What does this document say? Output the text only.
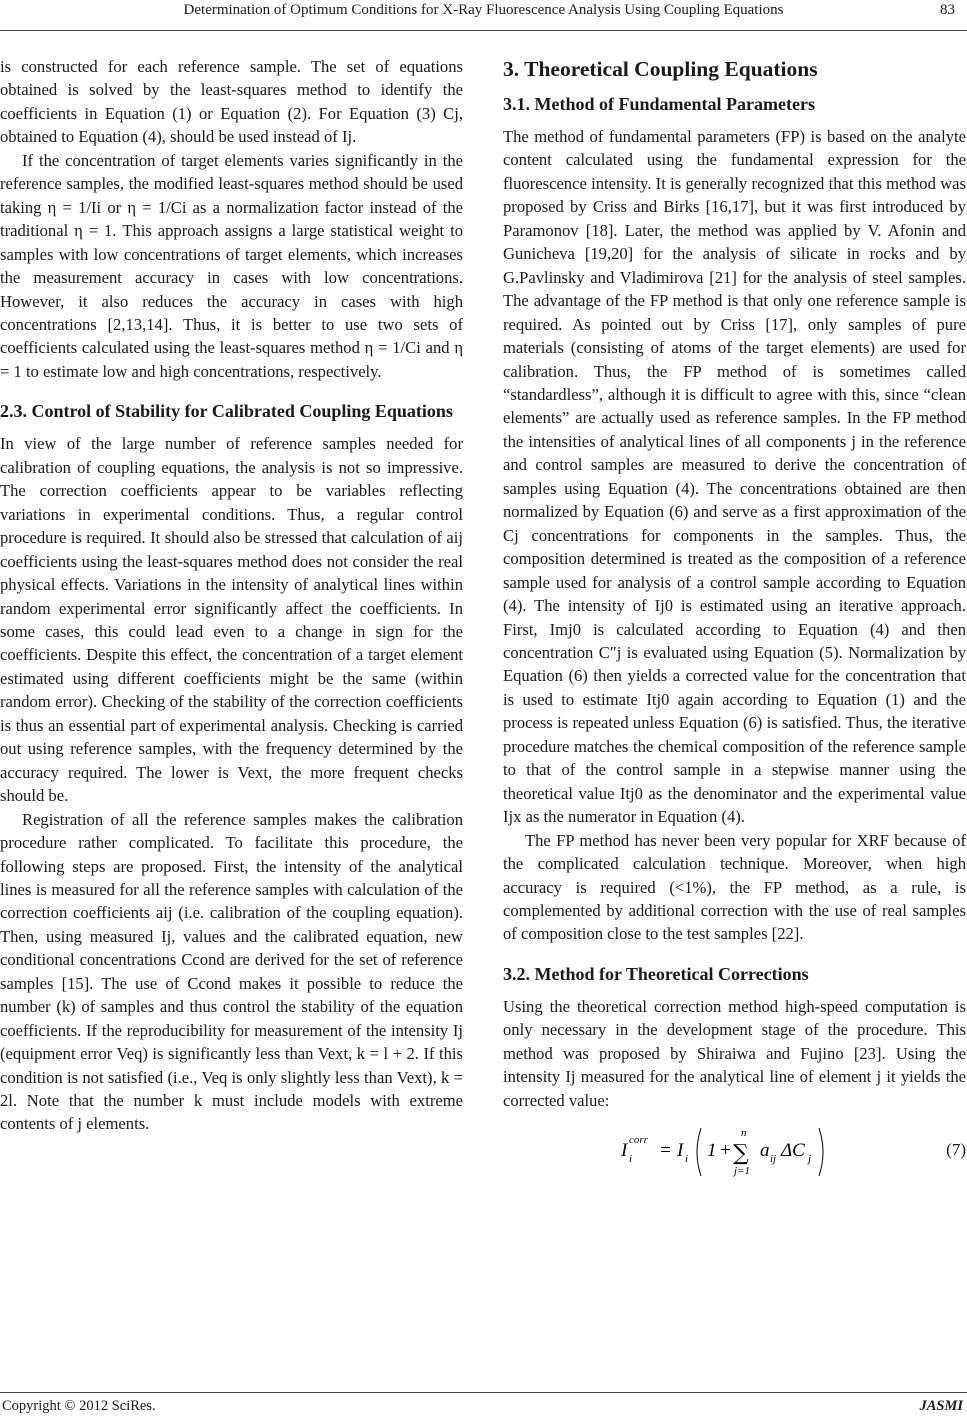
Determination of Optimum Conditions for X-Ray Fluorescence Analysis Using Coupling Equations	83

is constructed for each reference sample. The set of equations obtained is solved by the least-squares method to identify the coefficients in Equation (1) or Equation (2). For Equation (3) Cj, obtained to Equation (4), should be used instead of Ij.

If the concentration of target elements varies significantly in the reference samples, the modified least-squares method should be used taking η = 1/Ii or η = 1/Ci as a normalization factor instead of the traditional η = 1. This approach assigns a large statistical weight to samples with low concentrations of target elements, which increases the measurement accuracy in cases with low concentrations. However, it also reduces the accuracy in cases with high concentrations [2,13,14]. Thus, it is better to use two sets of coefficients calculated using the least-squares method η = 1/Ci and η = 1 to estimate low and high concentrations, respectively.

2.3. Control of Stability for Calibrated Coupling Equations

In view of the large number of reference samples needed for calibration of coupling equations, the analysis is not so impressive. The correction coefficients appear to be variables reflecting variations in experimental conditions. Thus, a regular control procedure is required. It should also be stressed that calculation of aij coefficients using the least-squares method does not consider the real physical effects. Variations in the intensity of analytical lines within random experimental error significantly affect the coefficients. In some cases, this could lead even to a change in sign for the coefficients. Despite this effect, the concentration of a target element estimated using different coefficients might be the same (within random error). Checking of the stability of the correction coefficients is thus an essential part of experimental analysis. Checking is carried out using reference samples, with the frequency determined by the accuracy required. The lower is Vext, the more frequent checks should be.

Registration of all the reference samples makes the calibration procedure rather complicated. To facilitate this procedure, the following steps are proposed. First, the intensity of the analytical lines is measured for all the reference samples with calculation of the correction coefficients aij (i.e. calibration of the coupling equation). Then, using measured Ij, values and the calibrated equation, new conditional concentrations Ccond are derived for the set of reference samples [15]. The use of Ccond makes it possible to reduce the number (k) of samples and thus control the stability of the equation coefficients. If the reproducibility for measurement of the intensity Ij (equipment error Veq) is significantly less than Vext, k = l + 2. If this condition is not satisfied (i.e., Veq is only slightly less than Vext), k = 2l. Note that the number k must include models with extreme contents of j elements.

3. Theoretical Coupling Equations
3.1. Method of Fundamental Parameters

The method of fundamental parameters (FP) is based on the analyte content calculated using the fundamental expression for the fluorescence intensity. It is generally recognized that this method was proposed by Criss and Birks [16,17], but it was first introduced by Paramonov [18]. Later, the method was applied by V. Afonin and Gunicheva [19,20] for the analysis of silicate in rocks and by G.Pavlinsky and Vladimirova [21] for the analysis of steel samples. The advantage of the FP method is that only one reference sample is required. As pointed out by Criss [17], only samples of pure materials (consisting of atoms of the target elements) are used for calibration. Thus, the FP method of is sometimes called “standardless”, although it is difficult to agree with this, since “clean elements” are actually used as reference samples. In the FP method the intensities of analytical lines of all components j in the reference and control samples are measured to derive the concentration of samples using Equation (4). The concentrations obtained are then normalized by Equation (6) and serve as a first approximation of the Cj concentrations for components in the samples. Thus, the composition determined is treated as the composition of a reference sample used for analysis of a control sample according to Equation (4). The intensity of Ij0 is estimated using an iterative approach. First, Imj0 is calculated according to Equation (4) and then concentration C″j is evaluated using Equation (5). Normalization by Equation (6) then yields a corrected value for the concentration that is used to estimate Itj0 again according to Equation (1) and the process is repeated unless Equation (6) is satisfied. Thus, the iterative procedure matches the chemical composition of the reference sample to that of the control sample in a stepwise manner using the theoretical value Itj0 as the denominator and the experimental value Ijx as the numerator in Equation (4).

The FP method has never been very popular for XRF because of the complicated calculation technique. Moreover, when high accuracy is required (<1%), the FP method, as a rule, is complemented by additional correction with the use of real samples of composition close to the test samples [22].

3.2. Method for Theoretical Corrections

Using the theoretical correction method high-speed computation is only necessary in the development stage of the procedure. This method was proposed by Shiraiwa and Fujino [23]. Using the intensity Ij measured for the analytical line of element j it yields the corrected value:

I corr
i = I i 1 +
n
∑
j=1
a ij ΔC j	(7)
Copyright © 2012 SciRes.	JASMI
